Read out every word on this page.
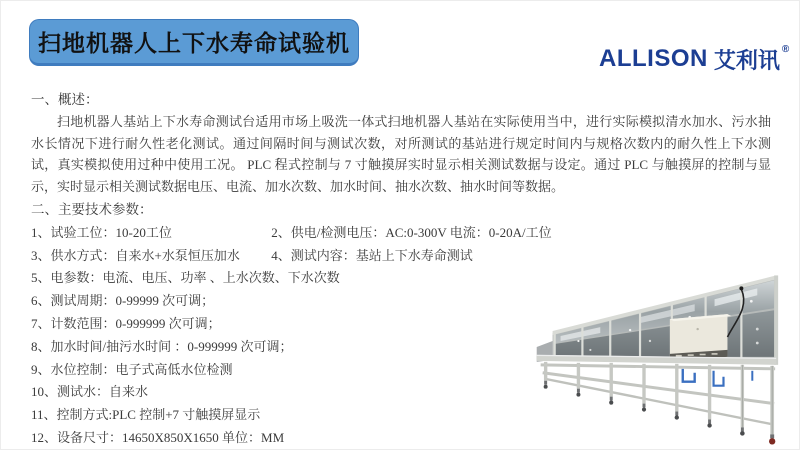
扫地机器人上下水寿命试验机
ALLISON 艾利讯 ®
一、概述：
扫地机器人基站上下水寿命测试台适用市场上吸洗一体式扫地机器人基站在实际使用当中，进行实际模拟清水加水、污水抽水长情况下进行耐久性老化测试。通过间隔时间与测试次数，对所测试的基站进行规定时间内与规格次数内的耐久性上下水测试，真实模拟使用过种中使用工况。 PLC 程式控制与 7 寸触摸屏实时显示相关测试数据与设定。通过 PLC 与触摸屏的控制与显示，实时显示相关测试数据电压、电流、加水次数、加水时间、抽水次数、抽水时间等数据。
二、主要技术参数：
1、试验工位：10-20工位	2、供电/检测电压：AC:0-300V 电流：0-20A/工位
3、供水方式：自来水+水泵恒压加水 4、测试内容：基站上下水寿命测试
5、电参数：电流、电压、功率 、上水次数、下水次数
6、测试周期：0-99999 次可调；
7、计数范围：0-999999 次可调；
8、加水时间/抽污水时间 ：0-999999 次可调；
9、水位控制：电子式高低水位检测
10、测试水：自来水
11、控制方式:PLC 控制+7 寸触摸屏显示
12、设备尺寸：14650X850X1650 单位：MM
